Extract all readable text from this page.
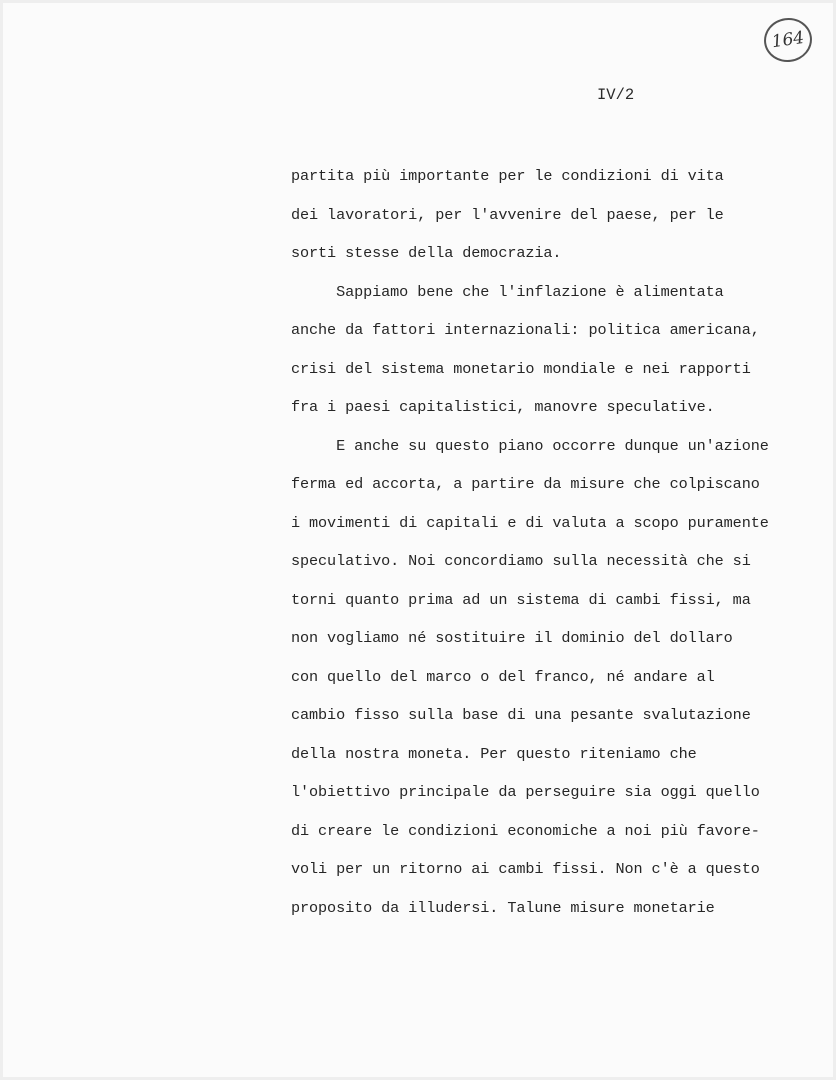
164
IV/2
partita più importante per le condizioni di vita
dei lavoratori, per l'avvenire del paese, per le
sorti stesse della democrazia.
Sappiamo bene che l'inflazione è alimentata
anche da fattori internazionali: politica americana,
crisi del sistema monetario mondiale e nei rapporti
fra i paesi capitalistici, manovre speculative.
E anche su questo piano occorre dunque un'azione
ferma ed accorta, a partire da misure che colpiscano
i movimenti di capitali e di valuta a scopo puramente
speculativo. Noi concordiamo sulla necessità che si
torni quanto prima ad un sistema di cambi fissi, ma
non vogliamo né sostituire il dominio del dollaro
con quello del marco o del franco, né andare al
cambio fisso sulla base di una pesante svalutazione
della nostra moneta. Per questo riteniamo che
l'obiettivo principale da perseguire sia oggi quello
di creare le condizioni economiche a noi più favore-
voli per un ritorno ai cambi fissi. Non c'è a questo
proposito da illudersi. Talune misure monetarie
